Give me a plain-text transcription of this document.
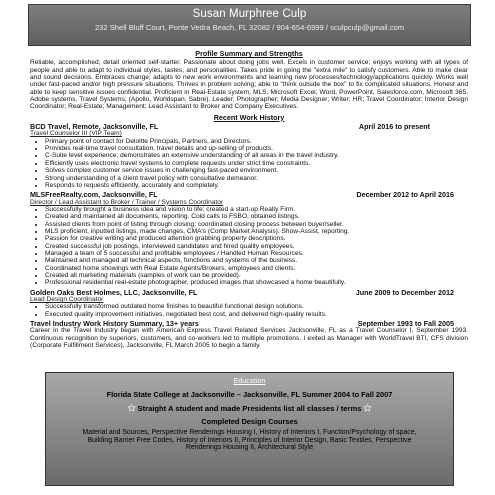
Susan Murphree Culp
232 Shell Bluff Court, Ponte Vedra Beach, FL 32082 / 904-654-6999 / sculpculp@gmail.com
Profile Summary and Strengths
Reliable, accomplished, detail oriented self-starter. Passionate about doing jobs well. Excels in customer service; enjoys working with all types of people and able to adapt to individual styles, tastes, and personalities. Takes pride in going the "extra mile" to satisfy customers. Able to make clear and sound decisions. Embraces change; adapts to new work environments and learning new processes/technology/applications quickly. Works well under fast-paced and/or high pressure situations. Thrives in problem solving; able to "think outside the box" to fix complicated situations. Honest and able to keep sensitive issues confidential. Proficient in Real-Estate system; MLS, Microsoft Excel, Word, PowerPoint, Salesforce.com, Microsoft 365, Adobe systems, Travel Systems; (Apollo, Worldspan, Sabre). Leader; Photographer; Media Designer; Writer; HR; Travel Coordinator; Interior Design Coordinator; Real-Estate; Management; Lead Assistant to Broker and Company Executives.
Recent Work History
BCD Travel, Remote, Jacksonville, FL	April 2016 to present
Travel Counselor III (VIP Team)
• Primary point of contact for Deloitte Principals, Partners, and Directors.
• Provides real-time travel consultation, travel details and up-selling of products.
• C-Suite level experience; demonstrates an extensive understanding of all areas in the travel industry.
• Efficiently uses electronic travel systems to complete requests under strict time constraints.
• Solves complex customer service issues in challenging fast-paced environment.
• Strong understanding of a client travel policy with consultative demeanor.
• Responds to requests efficiently, accurately and completely.
MLSFreeRealty.com, Jacksonville, FL	December 2012 to April 2016
Director / Lead Assistant to Broker / Trainer / Systems Coordinator
• Successfully brought a business idea and vision to life; created a start-up Realty Firm.
• Created and maintained all documents, reporting. Cold calls to FSBO, obtained listings.
• Assisted clients from point of listing through closing; coordinated closing process between buyer/seller.
• MLS proficient, inputted listings, made changes, CMA's (Comp Market Analysis), Show-Assist, reporting.
• Passion for creative writing and produced attention grabbing property descriptions.
• Created successful job postings, interviewed candidates and hired quality employees.
• Managed a team of 5 successful and profitable employees / Handled Human Resources.
• Maintained and managed all technical aspects, functions and systems of the business.
• Coordinated home showings with Real Estate Agents/Brokers, employees and clients.
• Created all marketing materials (samples of work can be provided).
• Professional residential real-estate photographer, produced images that showcased a home beautifully.
Golden Oaks Best Holmes, LLC, Jacksonville, FL	June 2009 to December 2012
Lead Design Coordinator
• Successfully transformed outdated home finishes to beautiful functional design solutions.
• Executed quality improvement initiatives, negotiated best cost, and delivered high-quality results.
Travel Industry Work History Summary, 13+ years	September 1993 to Fall 2005
Career in the Travel Industry began with American Express Travel Related Services Jacksonville, FL as a Travel Counselor I, September 1993. Continuous recognition by superiors, customers, and co-workers led to multiple promotions. I exited as Manager with WorldTravel BTI, CFS division (Corporate Fulfillment Services), Jacksonville, FL March 2005 to begin a family.
Education
Florida State College at Jacksonville – Jacksonville, FL Summer 2004 to Fall 2007
✩ Straight A student and made Presidents list all classes / terms ✩
Completed Design Courses
Material and Sources, Perspective Renderings Housing I, History of Interiors I, Function/Psychology of space, Building Barrier Free Codes, History of Interiors II, Principles of Interior Design, Basic Textiles, Perspective Renderings Housing II, Architectural Style
